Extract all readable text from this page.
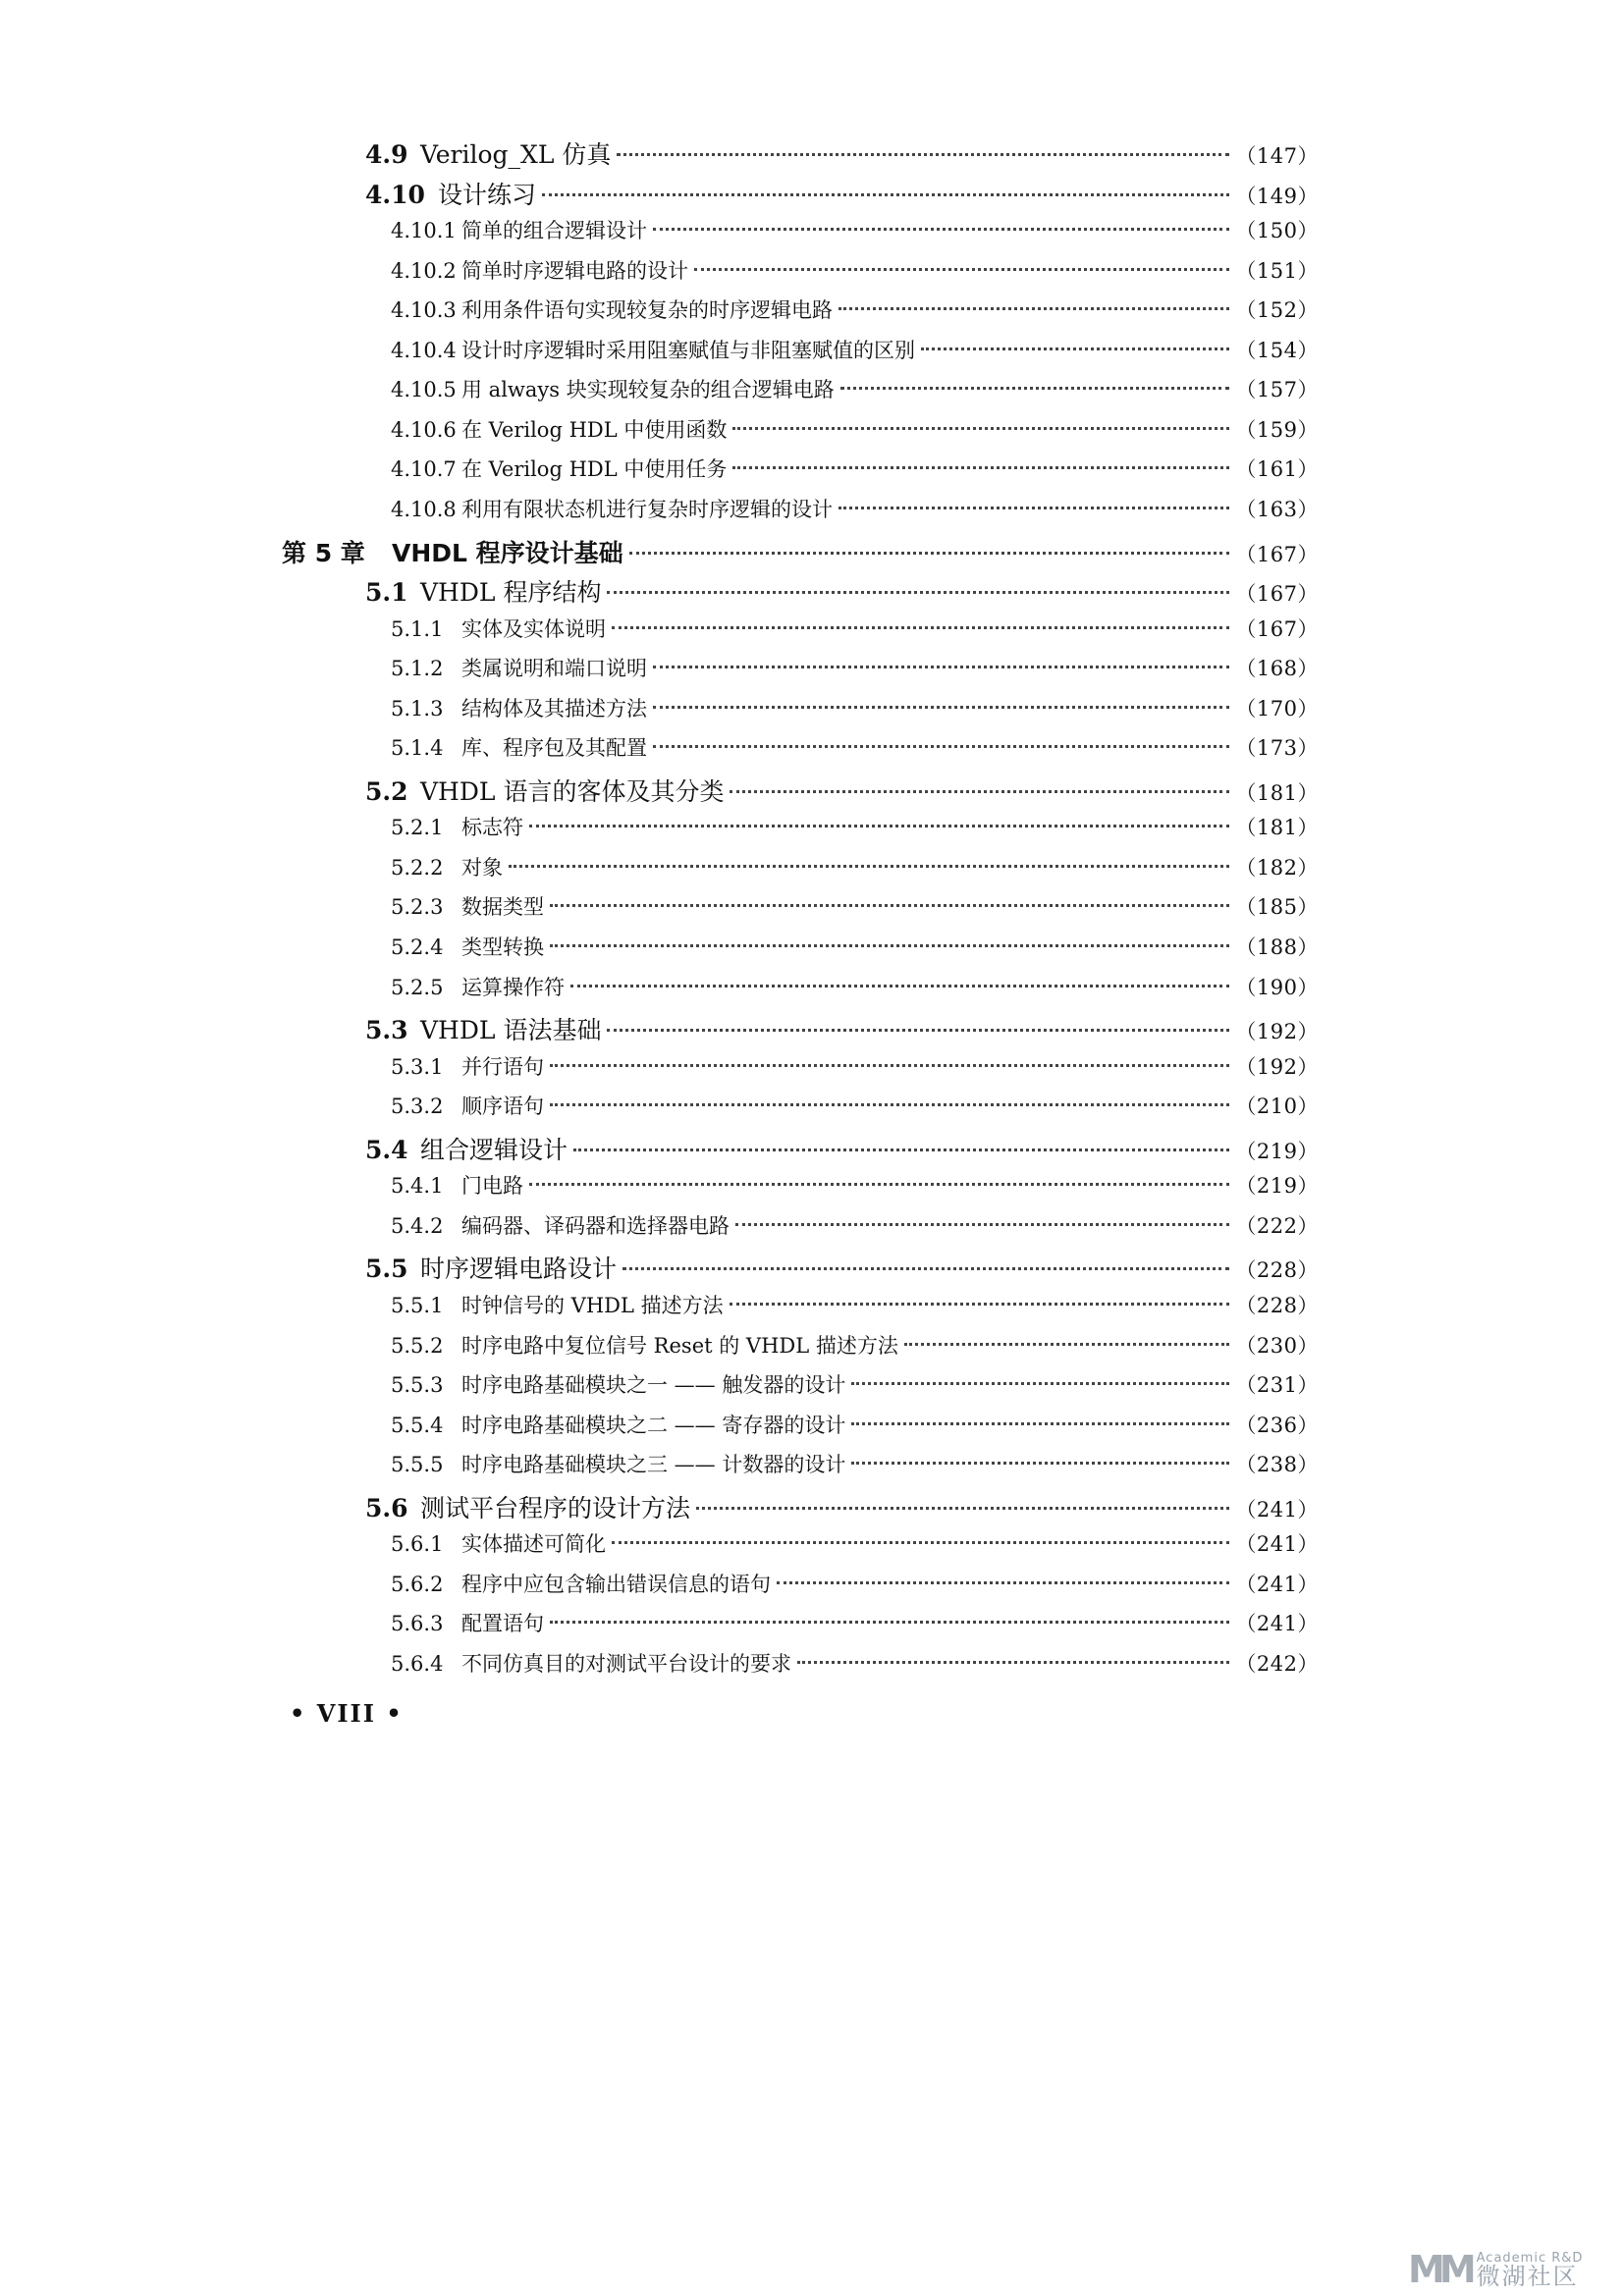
4.9 Verilog_XL 仿真	（147）
4.10 设计练习	（149）
4.10.1 简单的组合逻辑设计	（150）
4.10.2 简单时序逻辑电路的设计	（151）
4.10.3 利用条件语句实现较复杂的时序逻辑电路	（152）
4.10.4 设计时序逻辑时采用阻塞赋值与非阻塞赋值的区别	（154）
4.10.5 用 always 块实现较复杂的组合逻辑电路	（157）
4.10.6 在 Verilog HDL 中使用函数	（159）
4.10.7 在 Verilog HDL 中使用任务	（161）
4.10.8 利用有限状态机进行复杂时序逻辑的设计	（163）
第 5 章	VHDL 程序设计基础	（167）
5.1 VHDL 程序结构	（167）
5.1.1 实体及实体说明	（167）
5.1.2 类属说明和端口说明	（168）
5.1.3 结构体及其描述方法	（170）
5.1.4 库、程序包及其配置	（173）
5.2 VHDL 语言的客体及其分类	（181）
5.2.1 标志符	（181）
5.2.2 对象	（182）
5.2.3 数据类型	（185）
5.2.4 类型转换	（188）
5.2.5 运算操作符	（190）
5.3 VHDL 语法基础	（192）
5.3.1 并行语句	（192）
5.3.2 顺序语句	（210）
5.4 组合逻辑设计	（219）
5.4.1 门电路	（219）
5.4.2 编码器、译码器和选择器电路	（222）
5.5 时序逻辑电路设计	（228）
5.5.1 时钟信号的 VHDL 描述方法	（228）
5.5.2 时序电路中复位信号 Reset 的 VHDL 描述方法	（230）
5.5.3 时序电路基础模块之一 —— 触发器的设计	（231）
5.5.4 时序电路基础模块之二 —— 寄存器的设计	（236）
5.5.5 时序电路基础模块之三 —— 计数器的设计	（238）
5.6 测试平台程序的设计方法	（241）
5.6.1 实体描述可简化	（241）
5.6.2 程序中应包含输出错误信息的语句	（241）
5.6.3 配置语句	（241）
5.6.4 不同仿真目的对测试平台设计的要求	（242）
• VIII •
MM Academic R&D
微湖社区
